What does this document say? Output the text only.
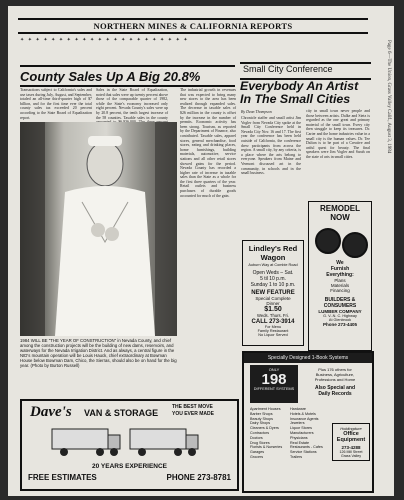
Page 6—The Union, Grass Valley Calif., August 3, 1984
NORTHERN MINES & CALIFORNIA REPORTS
✦ ✦ ✦ ✦ ✦ ✦ ✦ ✦ ✦ ✦ ✦ ✦ ✦ ✦ ✦ ✦ ✦ ✦ ✦ ✦ ✦ ✦
County Sales Up A Big 20.8%
Transactions subject to California's sales and use taxes during July, August, and September, totaled an all-time third-quarter high of $7 billion, and for the first time ever the total county sales tax exceeded 20 percent according to the State Board of Equalization report.
Sales in the State Board of Equalization, noted that sales were up twenty percent above those of the comparable quarter of 1982, while the State's economy increased only eight percent. Nevada County's sales were up by 20.8 percent, the tenth largest increase of the 58 counties. Taxable sales in the county
The industrial growth in revenues that was expected to bring many new stores to the area has been realized through expanded sales. The decrease in taxable sales of $26 million in the county is offset by the increase in the number of permits. Economic activity has been strong. Tourism, as reported by the Department of Finance, also contributed. Taxable sales, apparel stores, general merchandise, food stores, eating and drinking places, home furnishings, building materials, automotive, service stations and all other retail stores showed gains for the period. Nevada County has recorded a higher rate of increase in taxable sales than the State as a whole for the first three quarters of the year. Retail outlets and business purchases of durable goods accounted for much of the gain.
1984 WILL BE "THE YEAR OF CONSTRUCTION" in Nevada County, and chief among the construction projects will be the building of new dams, reservoirs, and waterways for the Nevada Irrigation District. And as always, a central figure in the NID's mountain operation will be Louis Hauck, chief extraordinary at Bowman House below Bowman Dam, Chico, the Sierras, should also be on hand for the big year. (Photo by Burton Russell)
Small City Conference
Everybody An Artist In The Small Cities
By Dean Thompson
Chronicle staffer and small artist Jim Vogler from Nevada City spoke at the Small City Conference held in Nevada City Nov. 16 and 17. The first year the conference has been held outside of California, the conference drew participants from across the region. A small city, by any criteria, is a place where the arts belong to everyone. Speakers from Maine and Vermont discussed art in the community, in schools and in the small business.
city in small town never people and those between artists. Dalke and Sietz is regarded as the one great and primary material of the small town. Every city then struggle to keep its treasures. Dr. Carter and the home industries value in a small city is the human values. Dr. Tee Dalton is to be part of a Creative and artful quest for beauty. The final speakers were Jim Vogler and Sarah on the state of arts in small cities.
Lindley's Red Wagon
Auburn Way at Combie Road
Open Weds – Sat.
5 til 10 p.m.
Sunday 1 to 10 p.m.
NEW FEATURE
Special Complete
Dinner
$1.50
Weds. Thurs. Fri.
CALL 273-3914
For Menu
Family Restaurant
No Liquor Served
REMODEL NOW
We
Furnish
Everything:
Plans
Materials
Financing
BUILDERS &
CONSUMERS
LUMBER COMPANY
G. V.-N. C. Highway
At Glenbrook
Phone 273-4405
Specially Designed 1-Book Systems
ONLY
198
DIFFERENT SYSTEMS
Plus 176 others for
Business, Agriculture,
Professions and Home
Also Special and
Daily Records
Apartment Houses
Barber Shops
Beauty Shops
Dairy Shops
Cleaners & Dyers
Contractors
Doctors
Drug Stores
Florists & Nurseries
Garages
Grocers
Hardware
Hotels & Motels
Insurance Agents
Jewelers
Liquor Stores
Manufacturers
Physicians
Real Estate
Restaurants - Cafes
Service Stations
Trailers
Holdingdure
Office
Equipment
273-4288
126 Mill Street
Grass Valley
Dave's VAN & STORAGE
THE BEST MOVE
YOU EVER MADE
20 YEARS EXPERIENCE
FREE ESTIMATES	PHONE 273-8781
